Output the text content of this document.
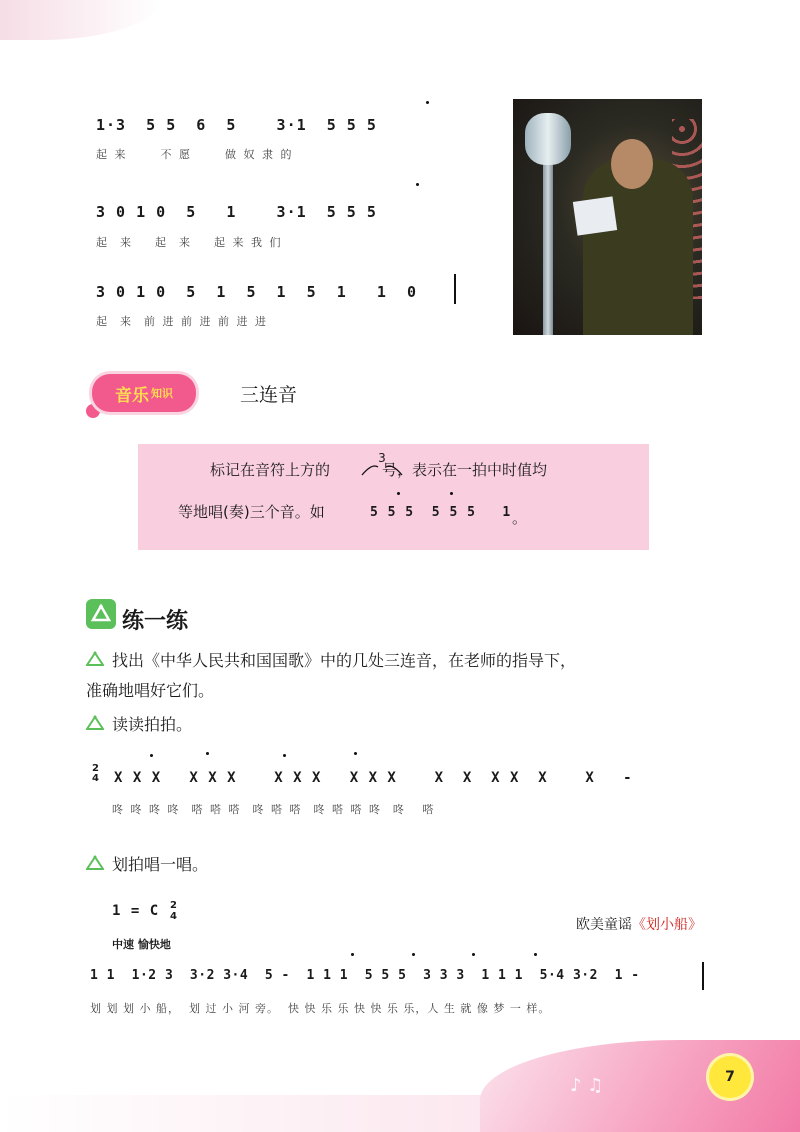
1·3  5 5  6  5    3·1  5 5 5
起 来      不 愿      做 奴 隶 的
3 0 1 0  5   1    3·1  5 5 5
起  来    起  来    起 来 我 们
3 0 1 0  5  1  5  1  5  1   1  0
起  来  前 进 前 进 前 进 进
音乐 知识	三连音
标记在音符上方的	号，表示在一拍中时值均
3
等地唱(奏)三个音。如	5 5 5  5 5 5   1 。
练一练
找出《中华人民共和国国歌》中的几处三连音，在老师的指导下，
准确地唱好它们。
读读拍拍。
2
4 X X X   X X X    X X X   X X X    X  X  X X  X    X   -
咚 咚 咚 咚  嗒 嗒 嗒  咚 嗒 嗒  咚 嗒 嗒 咚  咚   嗒
划拍唱一唱。
1 = C 2
4
中速 愉快地
欧美童谣《划小船》
1 1  1·2 3  3·2 3·4  5 -  1 1 1  5 5 5  3 3 3  1 1 1  5·4 3·2  1 -
划 划 划 小 船，  划 过 小 河 旁。  快 快 乐 乐 快 快 乐 乐，人 生 就 像 梦 一 样。
♪ ♫	7
